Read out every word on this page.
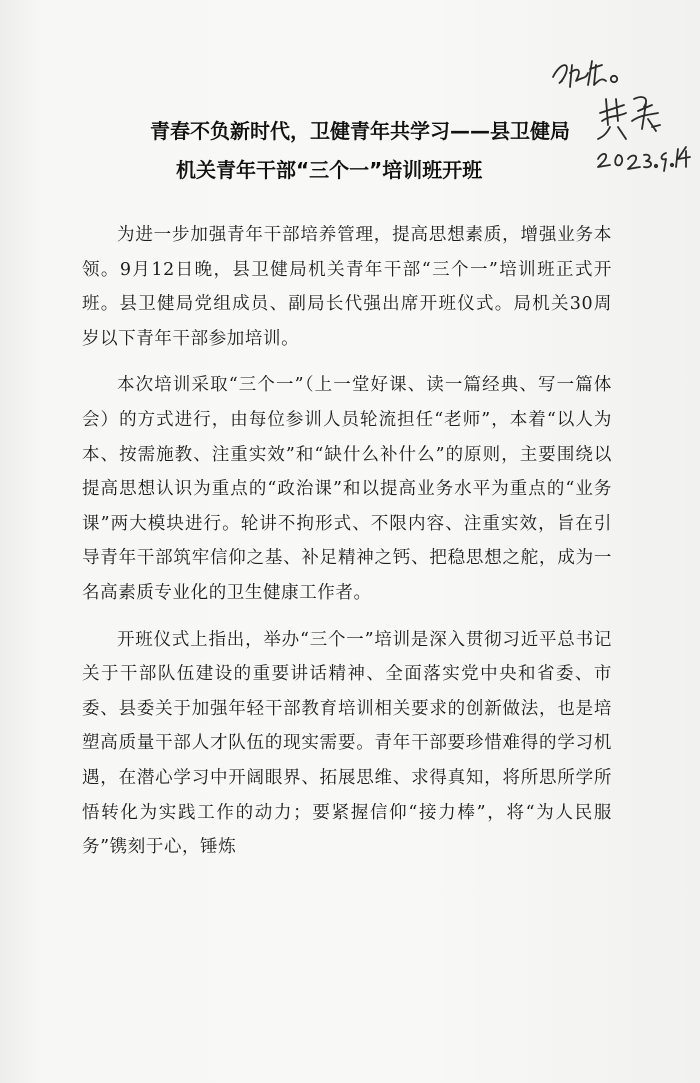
青春不负新时代，卫健青年共学习——县卫健局
机关青年干部“三个一”培训班开班

为进一步加强青年干部培养管理，提高思想素质，增强业务本领。9月12日晚，县卫健局机关青年干部“三个一”培训班正式开班。县卫健局党组成员、副局长代强出席开班仪式。局机关30周岁以下青年干部参加培训。

本次培训采取“三个一”（上一堂好课、读一篇经典、写一篇体会）的方式进行，由每位参训人员轮流担任“老师”，本着“以人为本、按需施教、注重实效”和“缺什么补什么”的原则，主要围绕以提高思想认识为重点的“政治课”和以提高业务水平为重点的“业务课”两大模块进行。轮讲不拘形式、不限内容、注重实效，旨在引导青年干部筑牢信仰之基、补足精神之钙、把稳思想之舵，成为一名高素质专业化的卫生健康工作者。

开班仪式上指出，举办“三个一”培训是深入贯彻习近平总书记关于干部队伍建设的重要讲话精神、全面落实党中央和省委、市委、县委关于加强年轻干部教育培训相关要求的创新做法，也是培塑高质量干部人才队伍的现实需要。青年干部要珍惜难得的学习机遇，在潜心学习中开阔眼界、拓展思维、求得真知，将所思所学所悟转化为实践工作的动力；要紧握信仰“接力棒”，将“为人民服务”镌刻于心，锤炼
